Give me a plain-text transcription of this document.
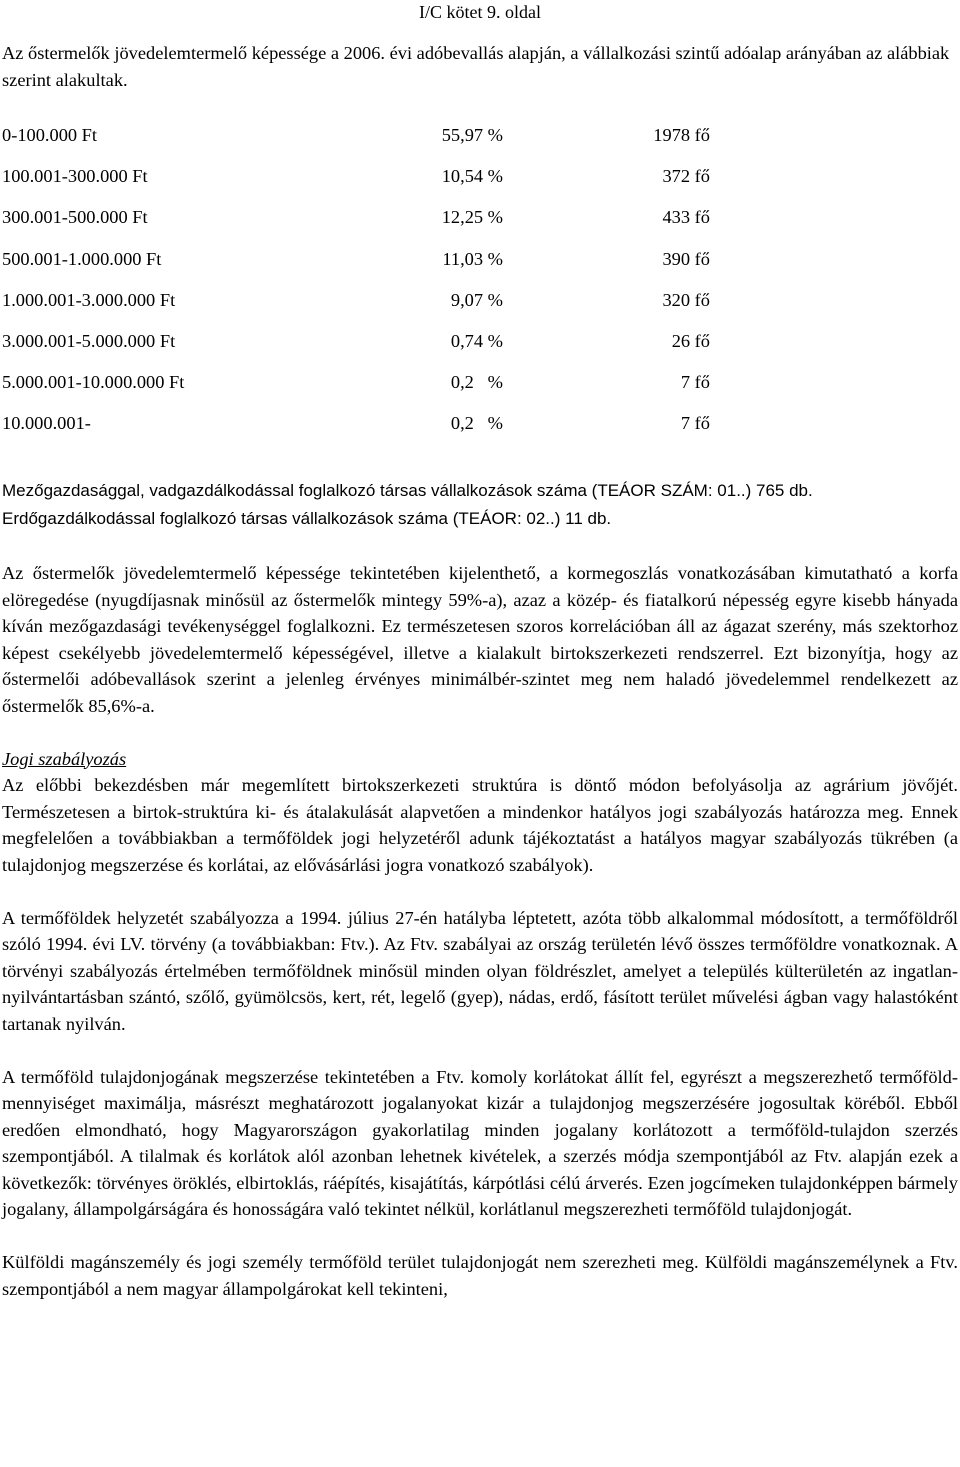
I/C kötet 9. oldal

Az őstermelők jövedelemtermelő képessége a 2006. évi adóbevallás alapján, a vállalkozási szintű adóalap arányában az alábbiak szerint alakultak.

0-100.000 Ft	55,97 %	1978 fő
100.001-300.000 Ft	10,54 %	372 fő
300.001-500.000 Ft	12,25 %	433 fő
500.001-1.000.000 Ft	11,03 %	390 fő
1.000.001-3.000.000 Ft	9,07 %	320 fő
3.000.001-5.000.000 Ft	0,74 %	26 fő
5.000.001-10.000.000 Ft	0,2   %	7 fő
10.000.001-	0,2   %	7 fő

Mezőgazdasággal, vadgazdálkodással foglalkozó társas vállalkozások száma (TEÁOR SZÁM: 01..) 765 db. Erdőgazdálkodással foglalkozó társas vállalkozások száma (TEÁOR: 02..) 11 db.

Az őstermelők jövedelemtermelő képessége tekintetében kijelenthető, a kormegoszlás vonatkozásában kimutatható a korfa elöregedése (nyugdíjasnak minősül az őstermelők mintegy 59%-a), azaz a közép- és fiatalkorú népesség egyre kisebb hányada kíván mezőgazdasági tevékenységgel foglalkozni. Ez természetesen szoros korrelációban áll az ágazat szerény, más szektorhoz képest csekélyebb jövedelemtermelő képességével, illetve a kialakult birtokszerkezeti rendszerrel. Ezt bizonyítja, hogy az őstermelői adóbevallások szerint a jelenleg érvényes minimálbér-szintet meg nem haladó jövedelemmel rendelkezett az őstermelők 85,6%-a.

Jogi szabályozás

Az előbbi bekezdésben már megemlített birtokszerkezeti struktúra is döntő módon befolyásolja az agrárium jövőjét. Természetesen a birtok-struktúra ki- és átalakulását alapvetően a mindenkor hatályos jogi szabályozás határozza meg. Ennek megfelelően a továbbiakban a termőföldek jogi helyzetéről adunk tájékoztatást a hatályos magyar szabályozás tükrében (a tulajdonjog megszerzése és korlátai, az elővásárlási jogra vonatkozó szabályok).

A termőföldek helyzetét szabályozza a 1994. július 27-én hatályba léptetett, azóta több alkalommal módosított, a termőföldről szóló 1994. évi LV. törvény (a továbbiakban: Ftv.). Az Ftv. szabályai az ország területén lévő összes termőföldre vonatkoznak. A törvényi szabályozás értelmében termőföldnek minősül minden olyan földrészlet, amelyet a település külterületén az ingatlan-nyilvántartásban szántó, szőlő, gyümölcsös, kert, rét, legelő (gyep), nádas, erdő, fásított terület művelési ágban vagy halastóként tartanak nyilván.

A termőföld tulajdonjogának megszerzése tekintetében a Ftv. komoly korlátokat állít fel, egyrészt a megszerezhető termőföld-mennyiséget maximálja, másrészt meghatározott jogalanyokat kizár a tulajdonjog megszerzésére jogosultak köréből. Ebből eredően elmondható, hogy Magyarországon gyakorlatilag minden jogalany korlátozott a termőföld-tulajdon szerzés szempontjából. A tilalmak és korlátok alól azonban lehetnek kivételek, a szerzés módja szempontjából az Ftv. alapján ezek a következők: törvényes öröklés, elbirtoklás, ráépítés, kisajátítás, kárpótlási célú árverés. Ezen jogcímeken tulajdonképpen bármely jogalany, állampolgárságára és honosságára való tekintet nélkül, korlátlanul megszerezheti termőföld tulajdonjogát.

Külföldi magánszemély és jogi személy termőföld terület tulajdonjogát nem szerezheti meg. Külföldi magánszemélynek a Ftv. szempontjából a nem magyar állampolgárokat kell tekinteni,
